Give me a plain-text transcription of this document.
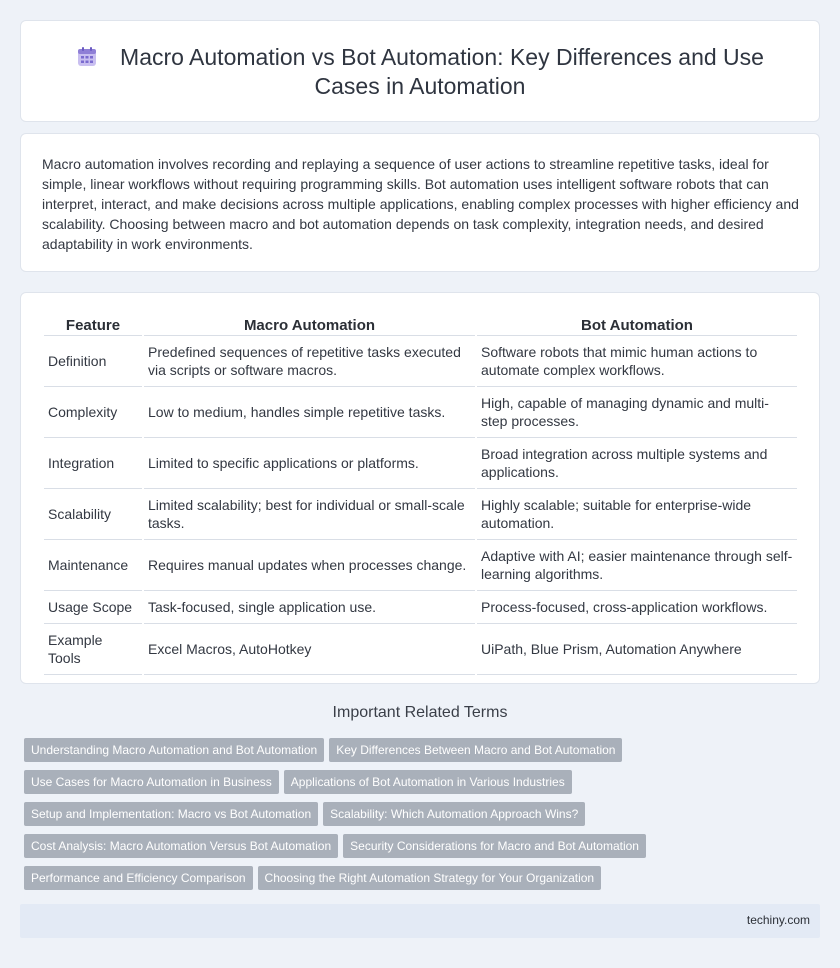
Macro Automation vs Bot Automation: Key Differences and Use Cases in Automation

Macro automation involves recording and replaying a sequence of user actions to streamline repetitive tasks, ideal for simple, linear workflows without requiring programming skills. Bot automation uses intelligent software robots that can interpret, interact, and make decisions across multiple applications, enabling complex processes with higher efficiency and scalability. Choosing between macro and bot automation depends on task complexity, integration needs, and desired adaptability in work environments.

Feature	Macro Automation	Bot Automation
Definition	Predefined sequences of repetitive tasks executed via scripts or software macros.	Software robots that mimic human actions to automate complex workflows.
Complexity	Low to medium, handles simple repetitive tasks.	High, capable of managing dynamic and multi-step processes.
Integration	Limited to specific applications or platforms.	Broad integration across multiple systems and applications.
Scalability	Limited scalability; best for individual or small-scale tasks.	Highly scalable; suitable for enterprise-wide automation.
Maintenance	Requires manual updates when processes change.	Adaptive with AI; easier maintenance through self-learning algorithms.
Usage Scope	Task-focused, single application use.	Process-focused, cross-application workflows.
Example Tools	Excel Macros, AutoHotkey	UiPath, Blue Prism, Automation Anywhere
Important Related Terms
Understanding Macro Automation and Bot Automation Key Differences Between Macro and Bot Automation
Use Cases for Macro Automation in Business Applications of Bot Automation in Various Industries
Setup and Implementation: Macro vs Bot Automation Scalability: Which Automation Approach Wins?
Cost Analysis: Macro Automation Versus Bot Automation Security Considerations for Macro and Bot Automation
Performance and Efficiency Comparison Choosing the Right Automation Strategy for Your Organization
techiny.com
